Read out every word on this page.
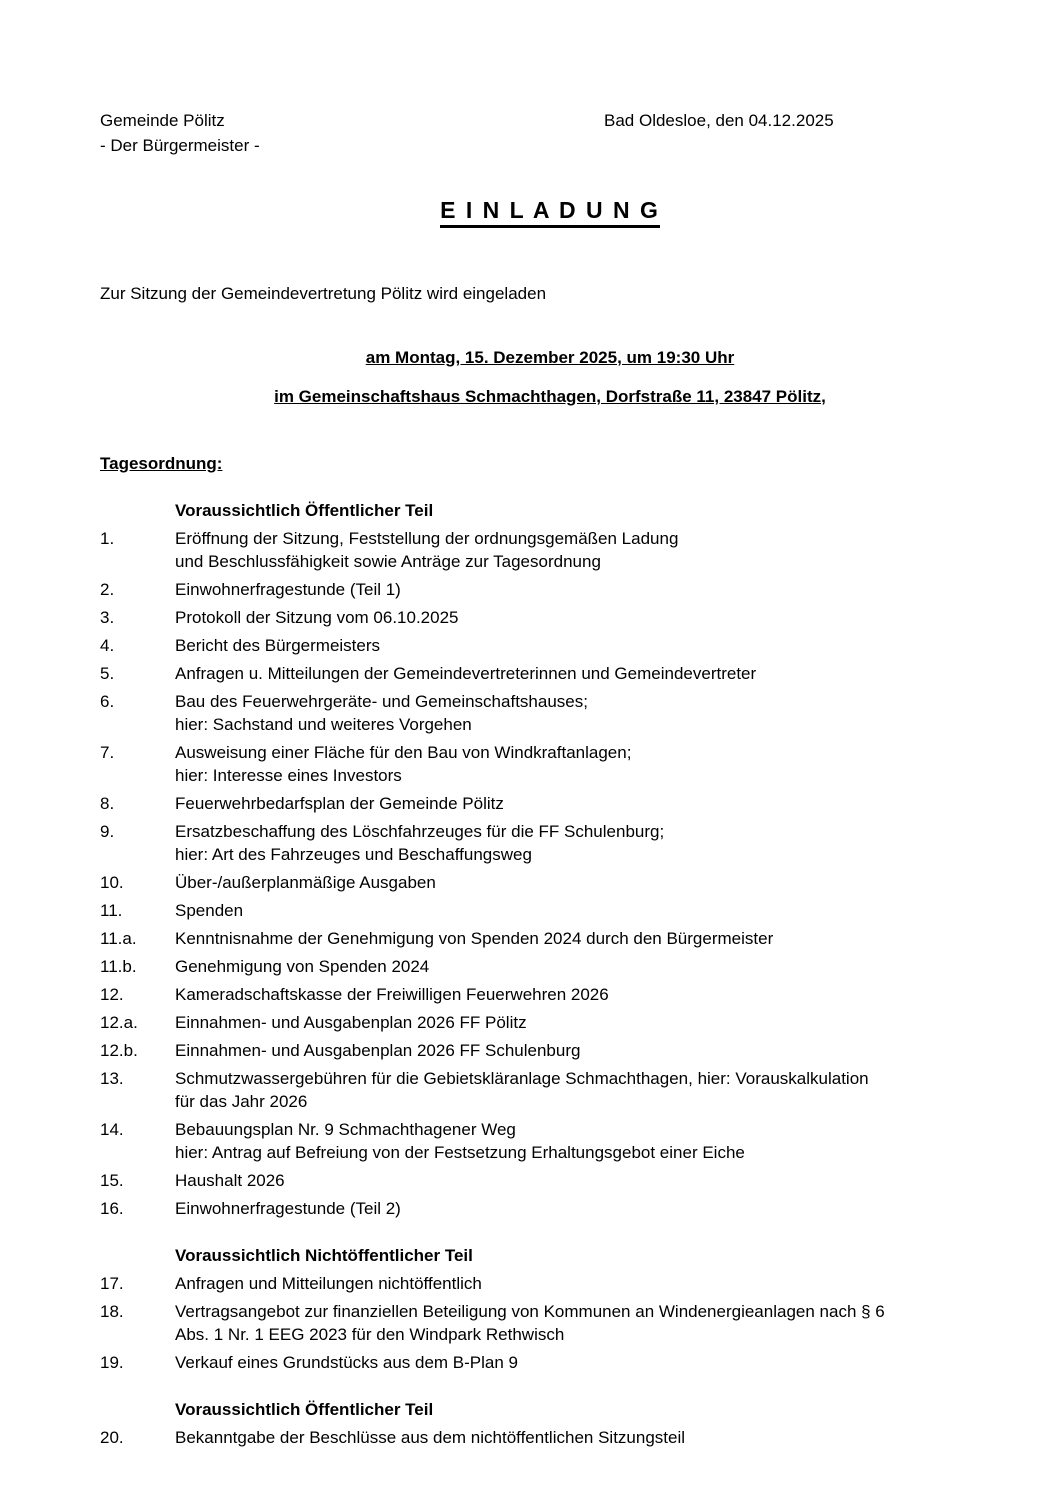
Gemeinde Pölitz
- Der Bürgermeister -
Bad Oldesloe, den 04.12.2025
E I N L A D U N G
Zur Sitzung der Gemeindevertretung Pölitz wird eingeladen
am Montag, 15. Dezember 2025, um 19:30 Uhr
im Gemeinschaftshaus Schmachthagen, Dorfstraße 11, 23847 Pölitz,
Tagesordnung:
Voraussichtlich Öffentlicher Teil
1.	Eröffnung der Sitzung, Feststellung der ordnungsgemäßen Ladung
und Beschlussfähigkeit sowie Anträge zur Tagesordnung
2.	Einwohnerfragestunde (Teil 1)
3.	Protokoll der Sitzung vom 06.10.2025
4.	Bericht des Bürgermeisters
5.	Anfragen u. Mitteilungen der Gemeindevertreterinnen und Gemeindevertreter
6.	Bau des Feuerwehrgeräte- und Gemeinschaftshauses;
hier: Sachstand und weiteres Vorgehen
7.	Ausweisung einer Fläche für den Bau von Windkraftanlagen;
hier: Interesse eines Investors
8.	Feuerwehrbedarfsplan der Gemeinde Pölitz
9.	Ersatzbeschaffung des Löschfahrzeuges für die FF Schulenburg;
hier: Art des Fahrzeuges und Beschaffungsweg
10.	Über-/außerplanmäßige Ausgaben
11.	Spenden
11.a.	Kenntnisnahme der Genehmigung von Spenden 2024 durch den Bürgermeister
11.b.	Genehmigung von Spenden 2024
12.	Kameradschaftskasse der Freiwilligen Feuerwehren 2026
12.a.	Einnahmen- und Ausgabenplan 2026 FF Pölitz
12.b.	Einnahmen- und Ausgabenplan 2026 FF Schulenburg
13.	Schmutzwassergebühren für die Gebietskläranlage Schmachthagen, hier: Vorauskalkulation
für das Jahr 2026
14.	Bebauungsplan Nr. 9 Schmachthagener Weg
hier: Antrag auf Befreiung von der Festsetzung Erhaltungsgebot einer Eiche
15.	Haushalt 2026
16.	Einwohnerfragestunde (Teil 2)
Voraussichtlich Nichtöffentlicher Teil
17.	Anfragen und Mitteilungen nichtöffentlich
18.	Vertragsangebot zur finanziellen Beteiligung von Kommunen an Windenergieanlagen nach § 6
Abs. 1 Nr. 1 EEG 2023 für den Windpark Rethwisch
19.	Verkauf eines Grundstücks aus dem B-Plan 9
Voraussichtlich Öffentlicher Teil
20.	Bekanntgabe der Beschlüsse aus dem nichtöffentlichen Sitzungsteil
